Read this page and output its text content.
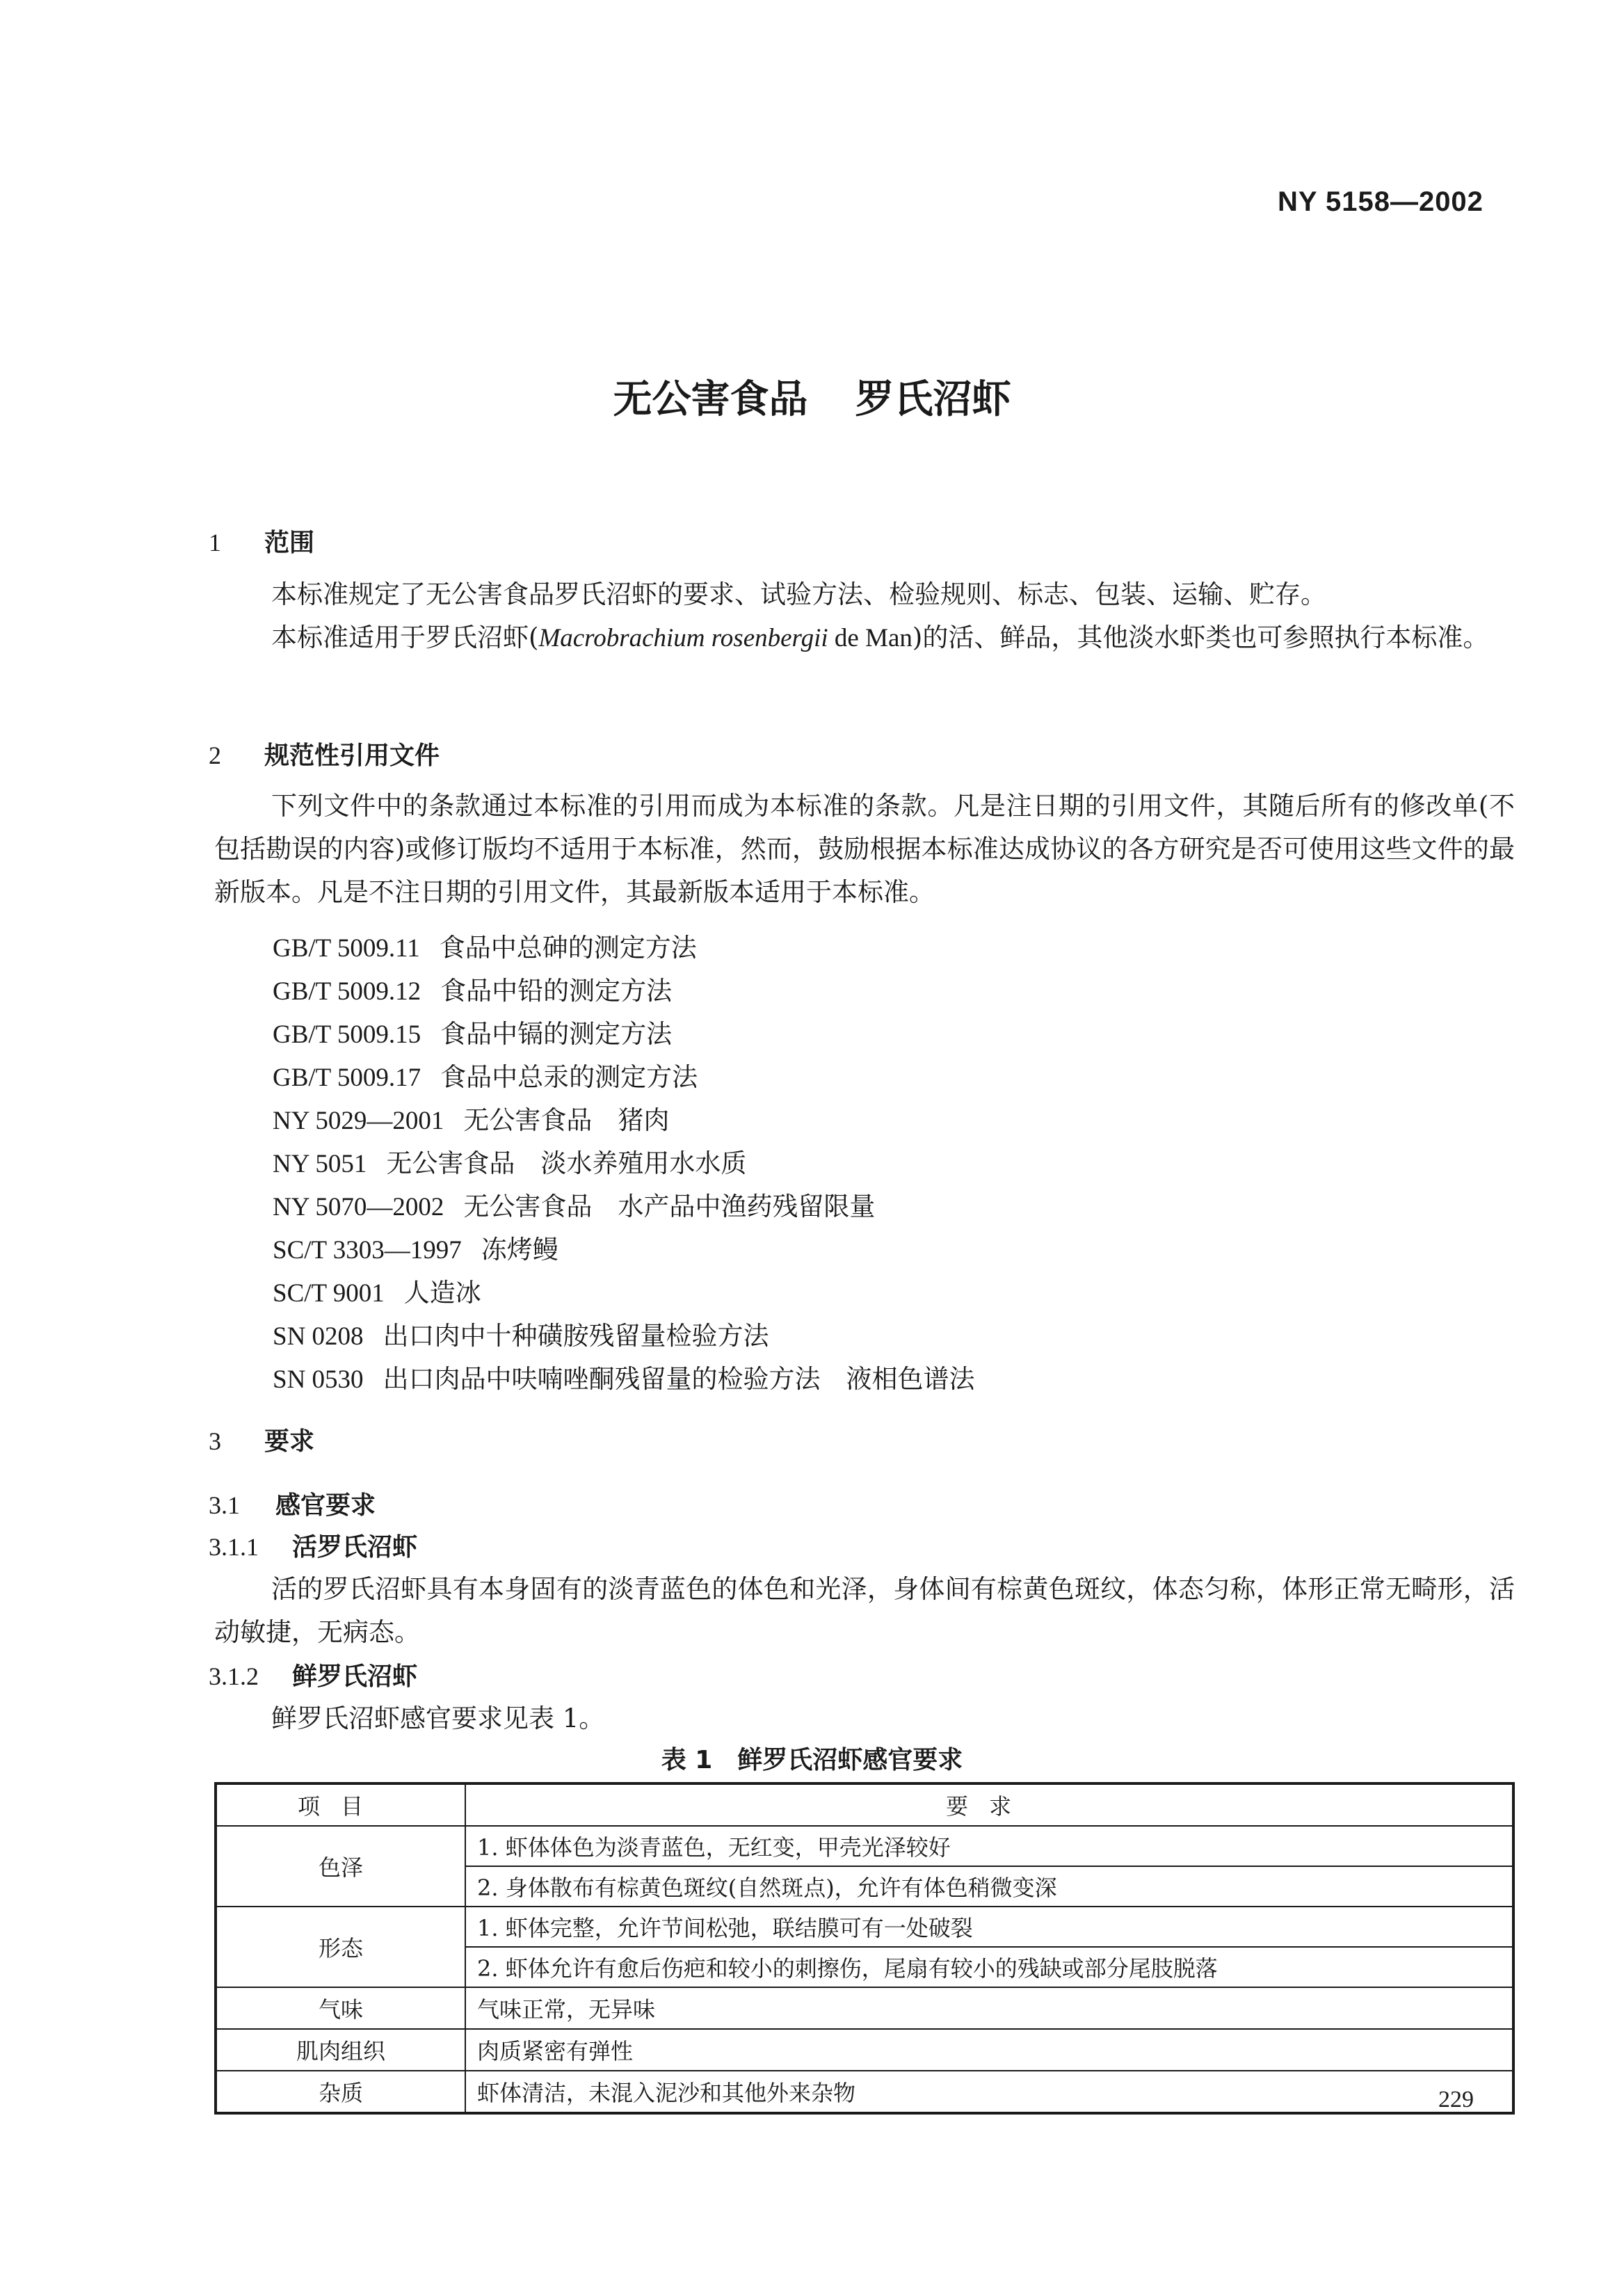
NY 5158—2002
无公害食品 罗氏沼虾
1 范围
本标准规定了无公害食品罗氏沼虾的要求、试验方法、检验规则、标志、包装、运输、贮存。
本标准适用于罗氏沼虾(Macrobrachium rosenbergii de Man)的活、鲜品，其他淡水虾类也可参照执行本标准。
2 规范性引用文件
下列文件中的条款通过本标准的引用而成为本标准的条款。凡是注日期的引用文件，其随后所有的修改单(不包括勘误的内容)或修订版均不适用于本标准，然而，鼓励根据本标准达成协议的各方研究是否可使用这些文件的最新版本。凡是不注日期的引用文件，其最新版本适用于本标准。
GB/T 5009.11 食品中总砷的测定方法
GB/T 5009.12 食品中铅的测定方法
GB/T 5009.15 食品中镉的测定方法
GB/T 5009.17 食品中总汞的测定方法
NY 5029—2001 无公害食品　猪肉
NY 5051 无公害食品　淡水养殖用水水质
NY 5070—2002 无公害食品　水产品中渔药残留限量
SC/T 3303—1997 冻烤鳗
SC/T 9001 人造冰
SN 0208 出口肉中十种磺胺残留量检验方法
SN 0530 出口肉品中呋喃唑酮残留量的检验方法　液相色谱法
3 要求
3.1 感官要求
3.1.1 活罗氏沼虾
活的罗氏沼虾具有本身固有的淡青蓝色的体色和光泽，身体间有棕黄色斑纹，体态匀称，体形正常无畸形，活动敏捷，无病态。
3.1.2 鲜罗氏沼虾
鲜罗氏沼虾感官要求见表 1。
表 1 鲜罗氏沼虾感官要求
项目	要求
色泽	1. 虾体体色为淡青蓝色，无红变，甲壳光泽较好
	2. 身体散布有棕黄色斑纹(自然斑点)，允许有体色稍微变深
形态	1. 虾体完整，允许节间松弛，联结膜可有一处破裂
	2. 虾体允许有愈后伤疤和较小的刺擦伤，尾扇有较小的残缺或部分尾肢脱落
气味	气味正常，无异味
肌肉组织	肉质紧密有弹性
杂质	虾体清洁，未混入泥沙和其他外来杂物	229
